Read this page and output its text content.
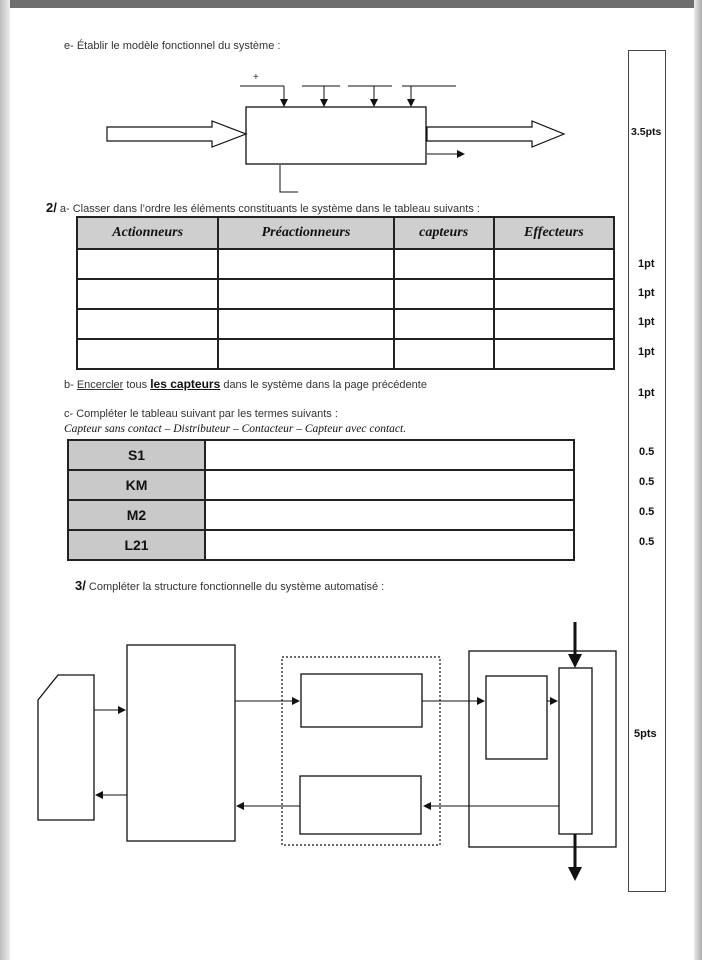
e- Établir le modèle fonctionnel du système :
+
2/ a- Classer dans l’ordre les éléments constituants le système dans le tableau suivants :
Actionneurs	Préactionneurs	capteurs	Effecteurs

b- Encercler tous les capteurs dans le système dans la page précédente
c- Compléter le tableau suivant par les termes suivants :
Capteur sans contact – Distributeur – Contacteur – Capteur avec contact.
S1	
KM	
M2	
L21	
3/ Compléter la structure fonctionnelle du système automatisé :
3.5pts
1pt
1pt
1pt
1pt
1pt
0.5
0.5
0.5
0.5
5pts
